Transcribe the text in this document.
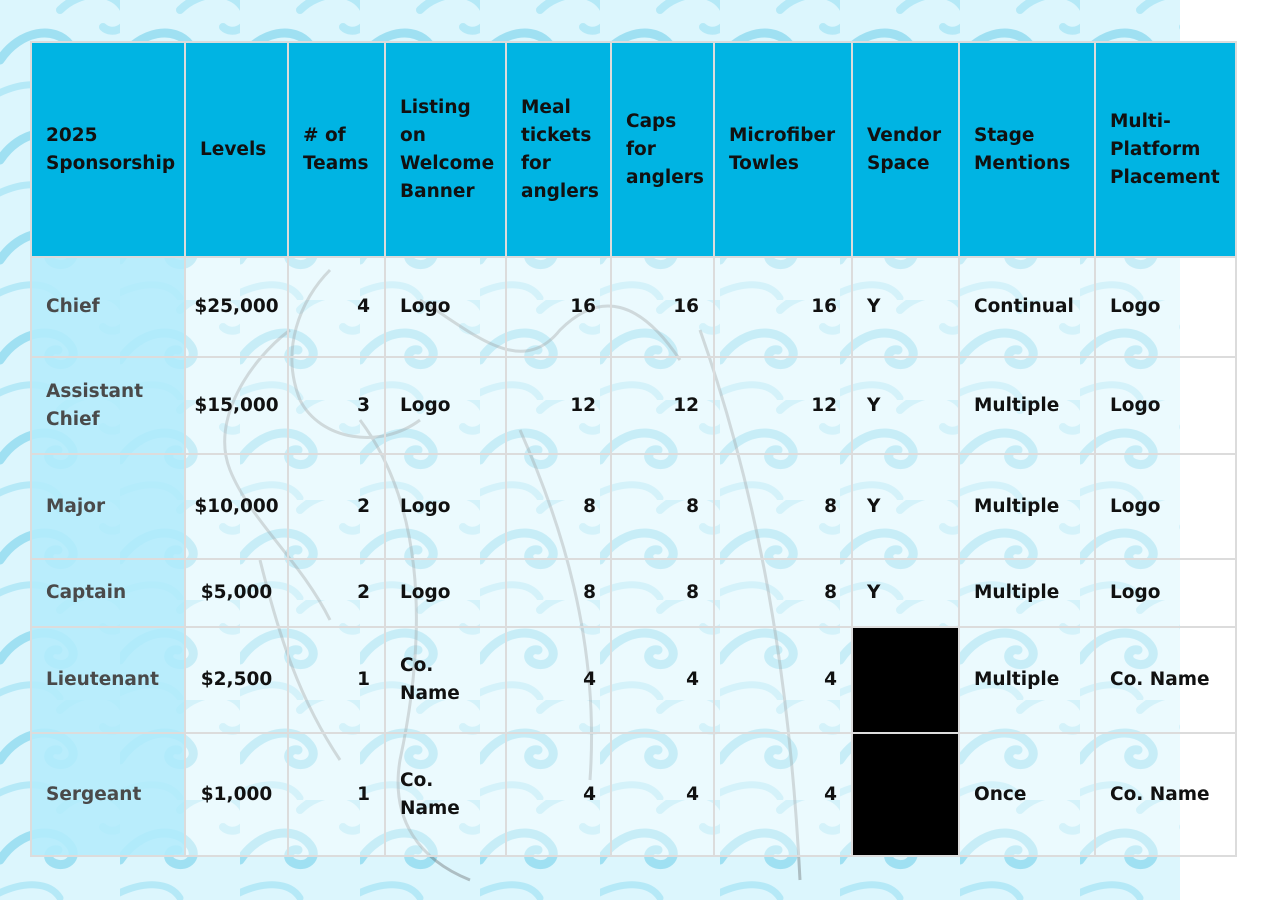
2025 Sponsorship	Levels	# of Teams	Listing on Welcome Banner	Meal tickets for anglers	Caps for anglers	Microfiber Towles	Vendor Space	Stage Mentions	Multi-Platform Placement
Chief	$25,000	4	Logo	16	16	16	Y	Continual	Logo
Assistant Chief	$15,000	3	Logo	12	12	12	Y	Multiple	Logo
Major	$10,000	2	Logo	8	8	8	Y	Multiple	Logo
Captain	$5,000	2	Logo	8	8	8	Y	Multiple	Logo
Lieutenant	$2,500	1	Co. Name	4	4	4		Multiple	Co. Name
Sergeant	$1,000	1	Co. Name	4	4	4		Once	Co. Name
